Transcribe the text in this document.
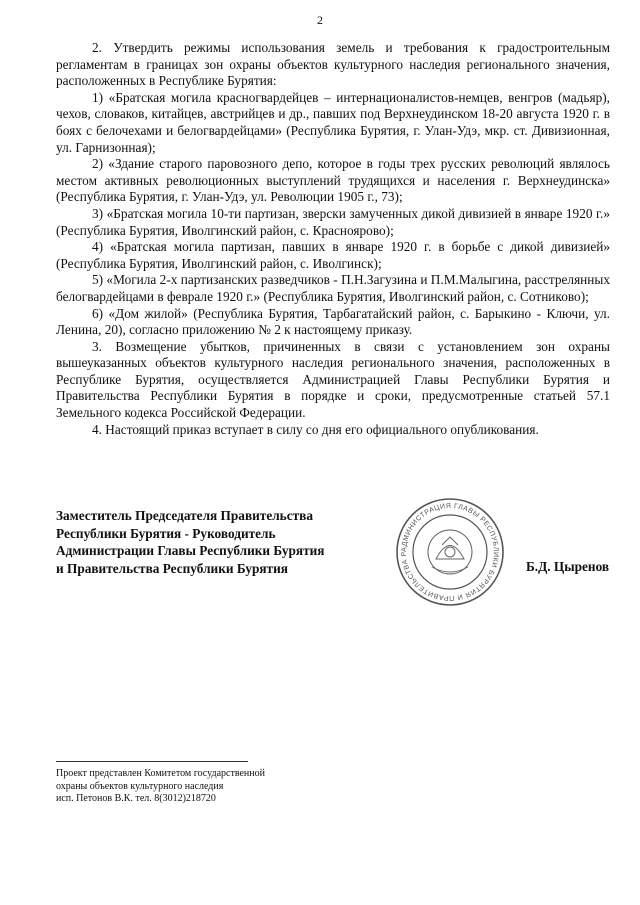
2

2. Утвердить режимы использования земель и требования к градостроительным регламентам в границах зон охраны объектов культурного наследия регионального значения, расположенных в Республике Бурятия:

1) «Братская могила красногвардейцев – интернационалистов-немцев, венгров (мадьяр), чехов, словаков, китайцев, австрийцев и др., павших под Верхнеудинском 18-20 августа 1920 г. в боях с белочехами и белогвардейцами» (Республика Бурятия, г. Улан-Удэ, мкр. ст. Дивизионная, ул. Гарнизонная);

2) «Здание старого паровозного депо, которое в годы трех русских революций являлось местом активных революционных выступлений трудящихся и населения г. Верхнеудинска» (Республика Бурятия, г. Улан-Удэ, ул. Революции 1905 г., 73);

3) «Братская могила 10-ти партизан, зверски замученных дикой дивизией в январе 1920 г.» (Республика Бурятия, Иволгинский район, с. Красноярово);

4) «Братская могила партизан, павших в январе 1920 г. в борьбе с дикой дивизией» (Республика Бурятия, Иволгинский район, с. Иволгинск);

5) «Могила 2-х партизанских разведчиков - П.Н.Загузина и П.М.Малыгина, расстрелянных белогвардейцами в феврале 1920 г.» (Республика Бурятия, Иволгинский район, с. Сотниково);

6) «Дом жилой» (Республика Бурятия, Тарбагатайский район, с. Барыкино - Ключи, ул. Ленина, 20), согласно приложению № 2 к настоящему приказу.

3. Возмещение убытков, причиненных в связи с установлением зон охраны вышеуказанных объектов культурного наследия регионального значения, расположенных в Республике Бурятия, осуществляется Администрацией Главы Республики Бурятия и Правительства Республики Бурятия в порядке и сроки, предусмотренные статьей 57.1 Земельного кодекса Российской Федерации.

4. Настоящий приказ вступает в силу со дня его официального опубликования.

Заместитель Председателя Правительства
Республики Бурятия - Руководитель
Администрации Главы Республики Бурятия
и Правительства Республики Бурятия
АДМИНИСТРАЦИЯ ГЛАВЫ РЕСПУБЛИКИ БУРЯТИЯ И ПРАВИТЕЛЬСТВА Р
Б.Д. Цыренов
Проект представлен Комитетом государственной
охраны объектов культурного наследия
исп. Петонов В.К. тел. 8(3012)218720
